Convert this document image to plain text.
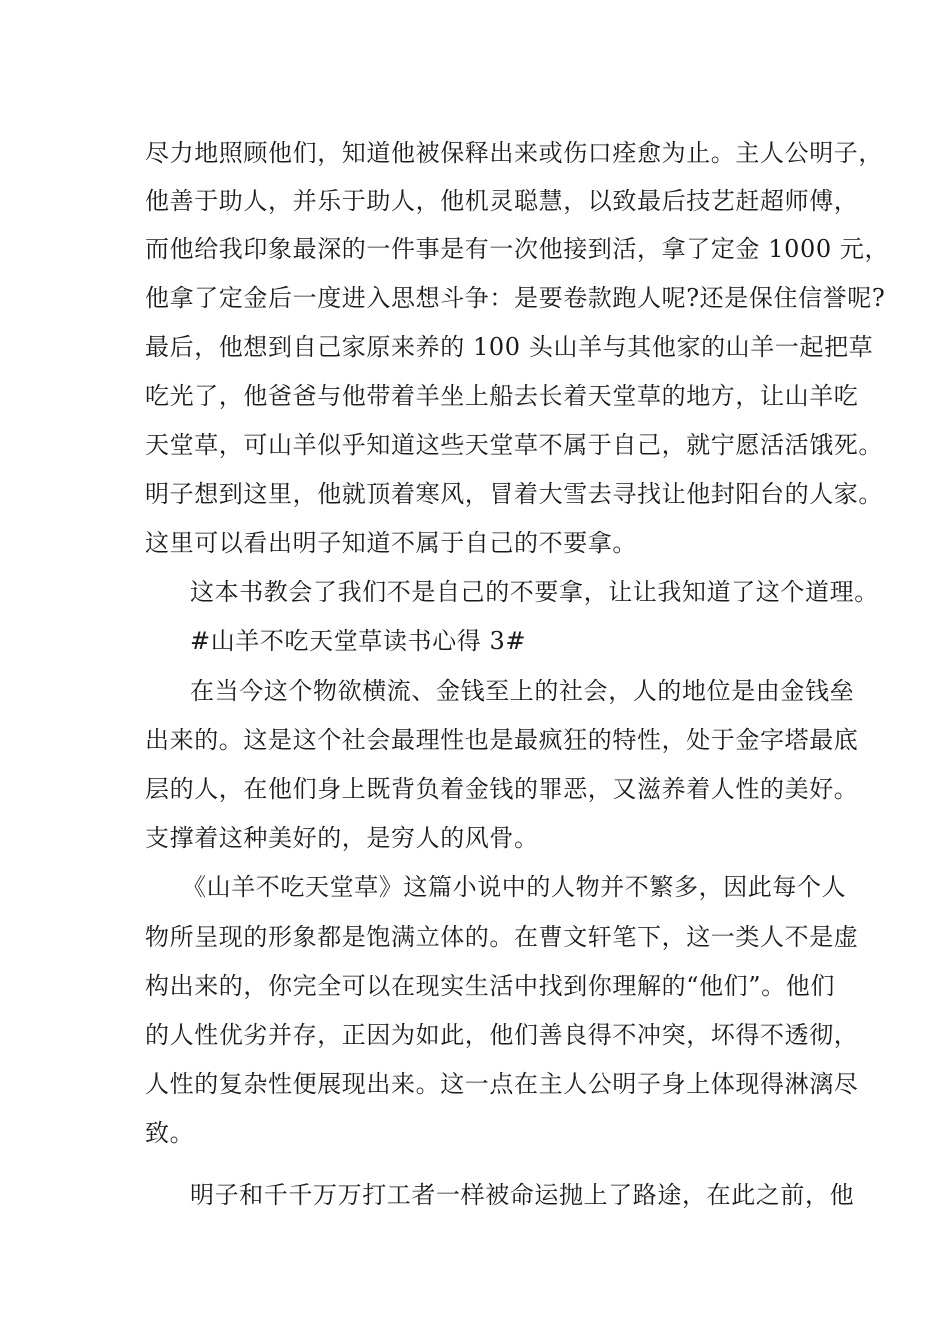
尽力地照顾他们，知道他被保释出来或伤口痊愈为止。主人公明子，
他善于助人，并乐于助人，他机灵聪慧，以致最后技艺赶超师傅，
而他给我印象最深的一件事是有一次他接到活，拿了定金 1000 元，
他拿了定金后一度进入思想斗争：是要卷款跑人呢?还是保住信誉呢?
最后，他想到自己家原来养的 100 头山羊与其他家的山羊一起把草
吃光了，他爸爸与他带着羊坐上船去长着天堂草的地方，让山羊吃
天堂草，可山羊似乎知道这些天堂草不属于自己，就宁愿活活饿死。
明子想到这里，他就顶着寒风，冒着大雪去寻找让他封阳台的人家。
这里可以看出明子知道不属于自己的不要拿。
这本书教会了我们不是自己的不要拿，让让我知道了这个道理。
#山羊不吃天堂草读书心得 3#
在当今这个物欲横流、金钱至上的社会，人的地位是由金钱垒
出来的。这是这个社会最理性也是最疯狂的特性，处于金字塔最底
层的人，在他们身上既背负着金钱的罪恶，又滋养着人性的美好。
支撑着这种美好的，是穷人的风骨。
《山羊不吃天堂草》这篇小说中的人物并不繁多，因此每个人
物所呈现的形象都是饱满立体的。在曹文轩笔下，这一类人不是虚
构出来的，你完全可以在现实生活中找到你理解的“他们”。他们
的人性优劣并存，正因为如此，他们善良得不冲突，坏得不透彻，
人性的复杂性便展现出来。这一点在主人公明子身上体现得淋漓尽
致。
明子和千千万万打工者一样被命运抛上了路途，在此之前，他
